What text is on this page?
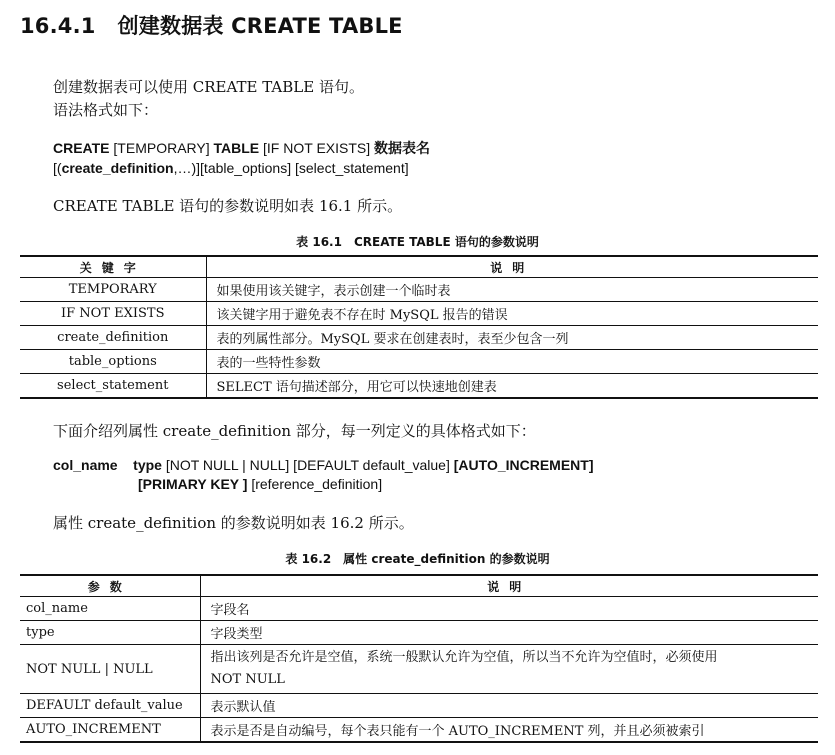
16.4.1 创建数据表 CREATE TABLE
创建数据表可以使用 CREATE TABLE 语句。
语法格式如下：
CREATE [TEMPORARY] TABLE [IF NOT EXISTS] 数据表名
[(create_definition,…)][table_options] [select_statement]
CREATE TABLE 语句的参数说明如表 16.1 所示。
表 16.1　CREATE TABLE 语句的参数说明
关键字	说明
TEMPORARY	如果使用该关键字，表示创建一个临时表
IF NOT EXISTS	该关键字用于避免表不存在时 MySQL 报告的错误
create_definition	表的列属性部分。MySQL 要求在创建表时，表至少包含一列
table_options	表的一些特性参数
select_statement	SELECT 语句描述部分，用它可以快速地创建表
下面介绍列属性 create_definition 部分，每一列定义的具体格式如下：
col_name type [NOT NULL | NULL] [DEFAULT default_value] [AUTO_INCREMENT]
[PRIMARY KEY ] [reference_definition]
属性 create_definition 的参数说明如表 16.2 所示。
表 16.2　属性 create_definition 的参数说明
参数	说明
col_name	字段名
type	字段类型
NOT NULL | NULL	指出该列是否允许是空值，系统一般默认允许为空值，所以当不允许为空值时，必须使用
NOT NULL

DEFAULT default_value	表示默认值
AUTO_INCREMENT	表示是否是自动编号，每个表只能有一个 AUTO_INCREMENT 列，并且必须被索引
